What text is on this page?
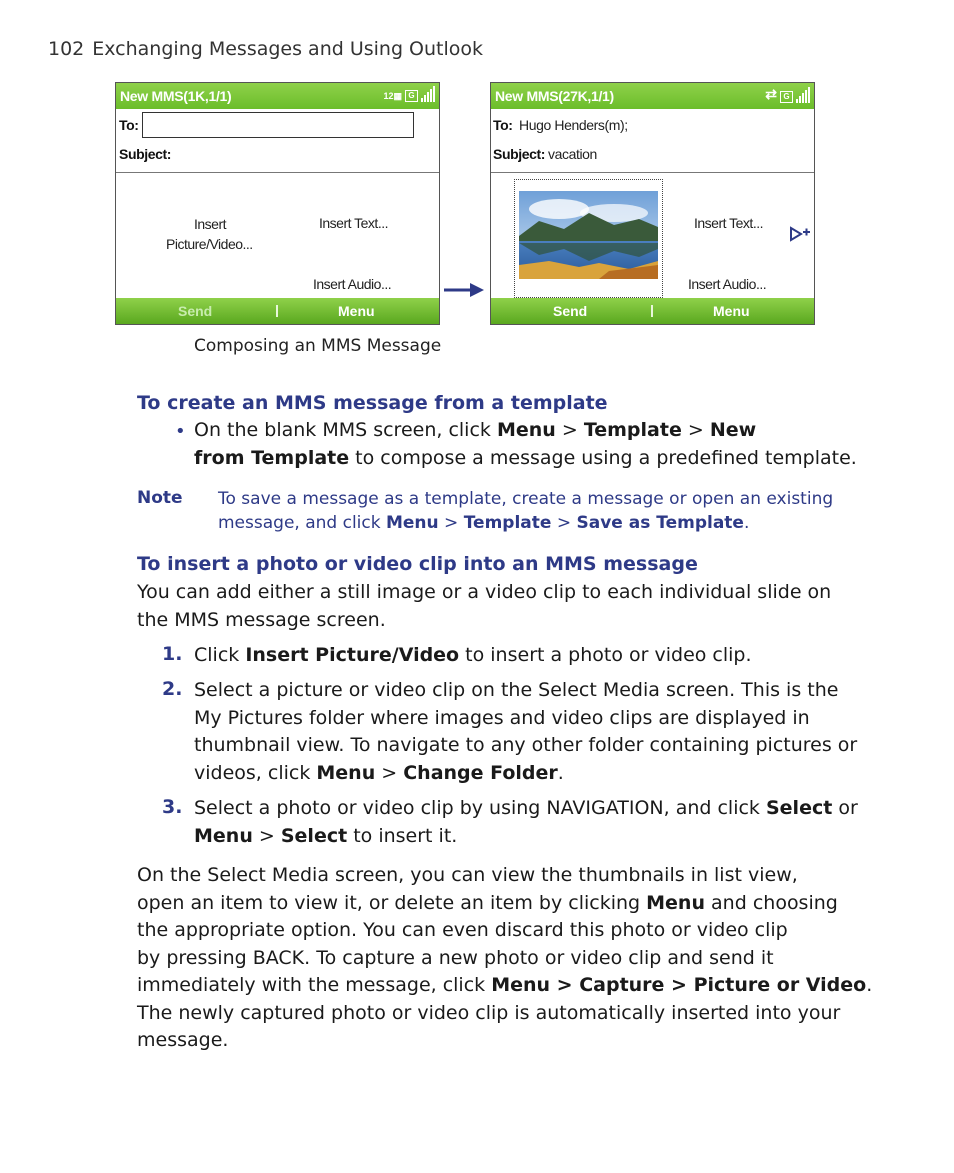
102 Exchanging Messages and Using Outlook
New MMS(1K,1/1)	12▦ G
To:
Subject:
Insert
Picture/Video...
Insert Text...
Insert Audio...
Send	Menu
New MMS(27K,1/1)	⇄ G
To: Hugo Henders(m);
Subject: vacation
Insert Text...
Insert Audio...
Send	Menu
Composing an MMS Message
To create an MMS message from a template
• On the blank MMS screen, click Menu > Template > New
from Template to compose a message using a predefined template.
Note To save a message as a template, create a message or open an existing
message, and click Menu > Template > Save as Template.
To insert a photo or video clip into an MMS message
You can add either a still image or a video clip to each individual slide on
the MMS message screen.
1. Click Insert Picture/Video to insert a photo or video clip.
2. Select a picture or video clip on the Select Media screen. This is the
My Pictures folder where images and video clips are displayed in
thumbnail view. To navigate to any other folder containing pictures or
videos, click Menu > Change Folder.
3. Select a photo or video clip by using NAVIGATION, and click Select or
Menu > Select to insert it.
On the Select Media screen, you can view the thumbnails in list view,
open an item to view it, or delete an item by clicking Menu and choosing
the appropriate option. You can even discard this photo or video clip
by pressing BACK. To capture a new photo or video clip and send it
immediately with the message, click Menu > Capture > Picture or Video.
The newly captured photo or video clip is automatically inserted into your
message.
